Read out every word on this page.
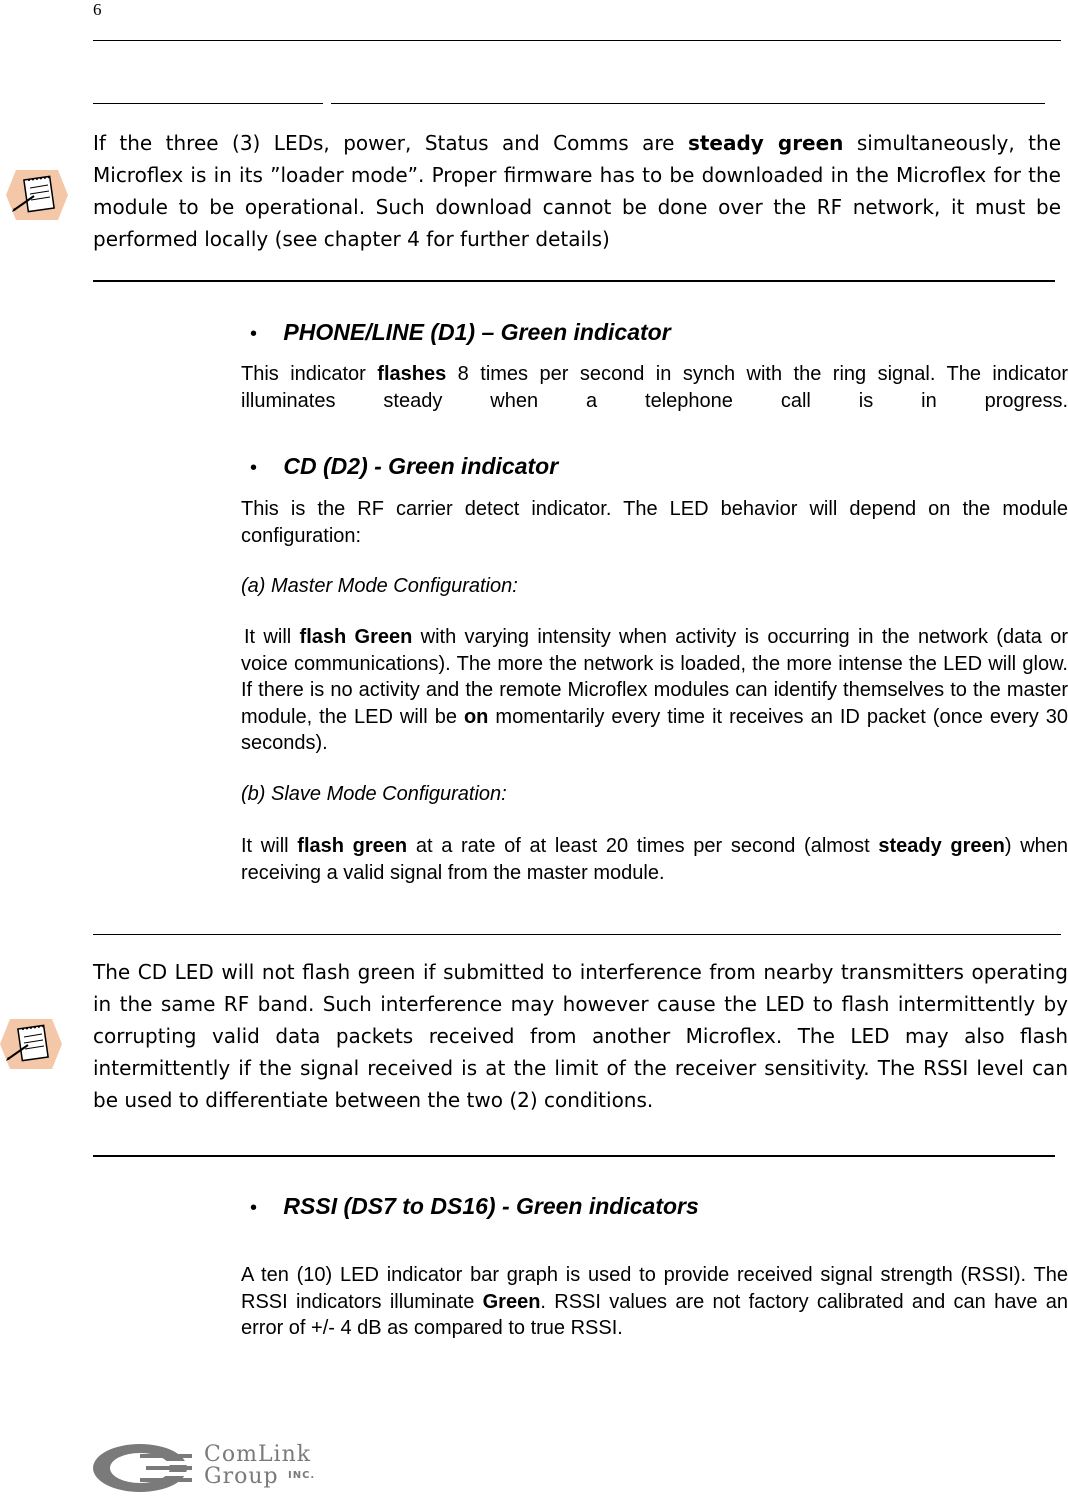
6
If the three (3) LEDs, power, Status and Comms are steady green simultaneously, the Microflex is in its ”loader mode”. Proper firmware has to be downloaded in the Microflex for the module to be operational. Such download cannot be done over the RF network, it must be performed locally (see chapter 4 for further details)
• PHONE/LINE (D1) – Green indicator
This indicator flashes 8 times per second in synch with the ring signal. The indicator illuminates steady when a telephone call is in progress.
• CD (D2) - Green indicator
This is the RF carrier detect indicator. The LED behavior will depend on the module configuration:
(a) Master Mode Configuration:
It will flash Green with varying intensity when activity is occurring in the network (data or voice communications). The more the network is loaded, the more intense the LED will glow. If there is no activity and the remote Microflex modules can identify themselves to the master module, the LED will be on momentarily every time it receives an ID packet (once every 30 seconds).
(b) Slave Mode Configuration:
It will flash green at a rate of at least 20 times per second (almost steady green) when receiving a valid signal from the master module.
The CD LED will not flash green if submitted to interference from nearby transmitters operating in the same RF band. Such interference may however cause the LED to flash intermittently by corrupting valid data packets received from another Microflex. The LED may also flash intermittently if the signal received is at the limit of the receiver sensitivity. The RSSI level can be used to differentiate between the two (2) conditions.
• RSSI (DS7 to DS16) - Green indicators
A ten (10) LED indicator bar graph is used to provide received signal strength (RSSI). The RSSI indicators illuminate Green. RSSI values are not factory calibrated and can have an error of +/- 4 dB as compared to true RSSI.
ComLink
Group INC.
